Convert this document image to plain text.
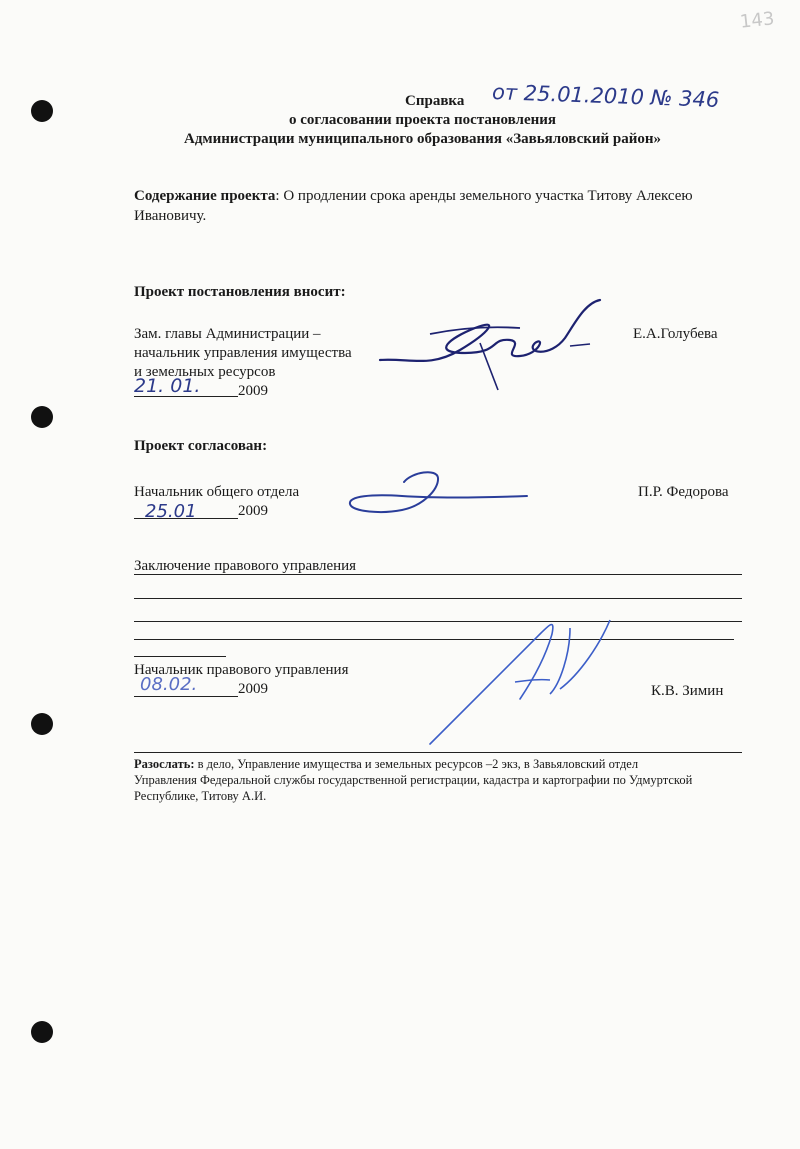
143
Справка от 25.01.2010 № 346
о согласовании проекта постановления
Администрации муниципального образования «Завьяловский район»
Содержание проекта: О продлении срока аренды земельного участка Титову Алексею
Ивановичу.
Проект постановления вносит:
Зам. главы Администрации –
начальник управления имущества
и земельных ресурсов
Е.А.Голубева
21. 01.	2009
Проект согласован:
Начальник общего отдела	П.Р. Федорова
25.01	2009
Заключение правового управления
Начальник правового управления
08.02.	2009	К.В. Зимин
Разослать: в дело, Управление имущества и земельных ресурсов –2 экз, в Завьяловский отдел
Управления Федеральной службы государственной регистрации, кадастра и картографии по Удмуртской
Республике, Титову А.И.
